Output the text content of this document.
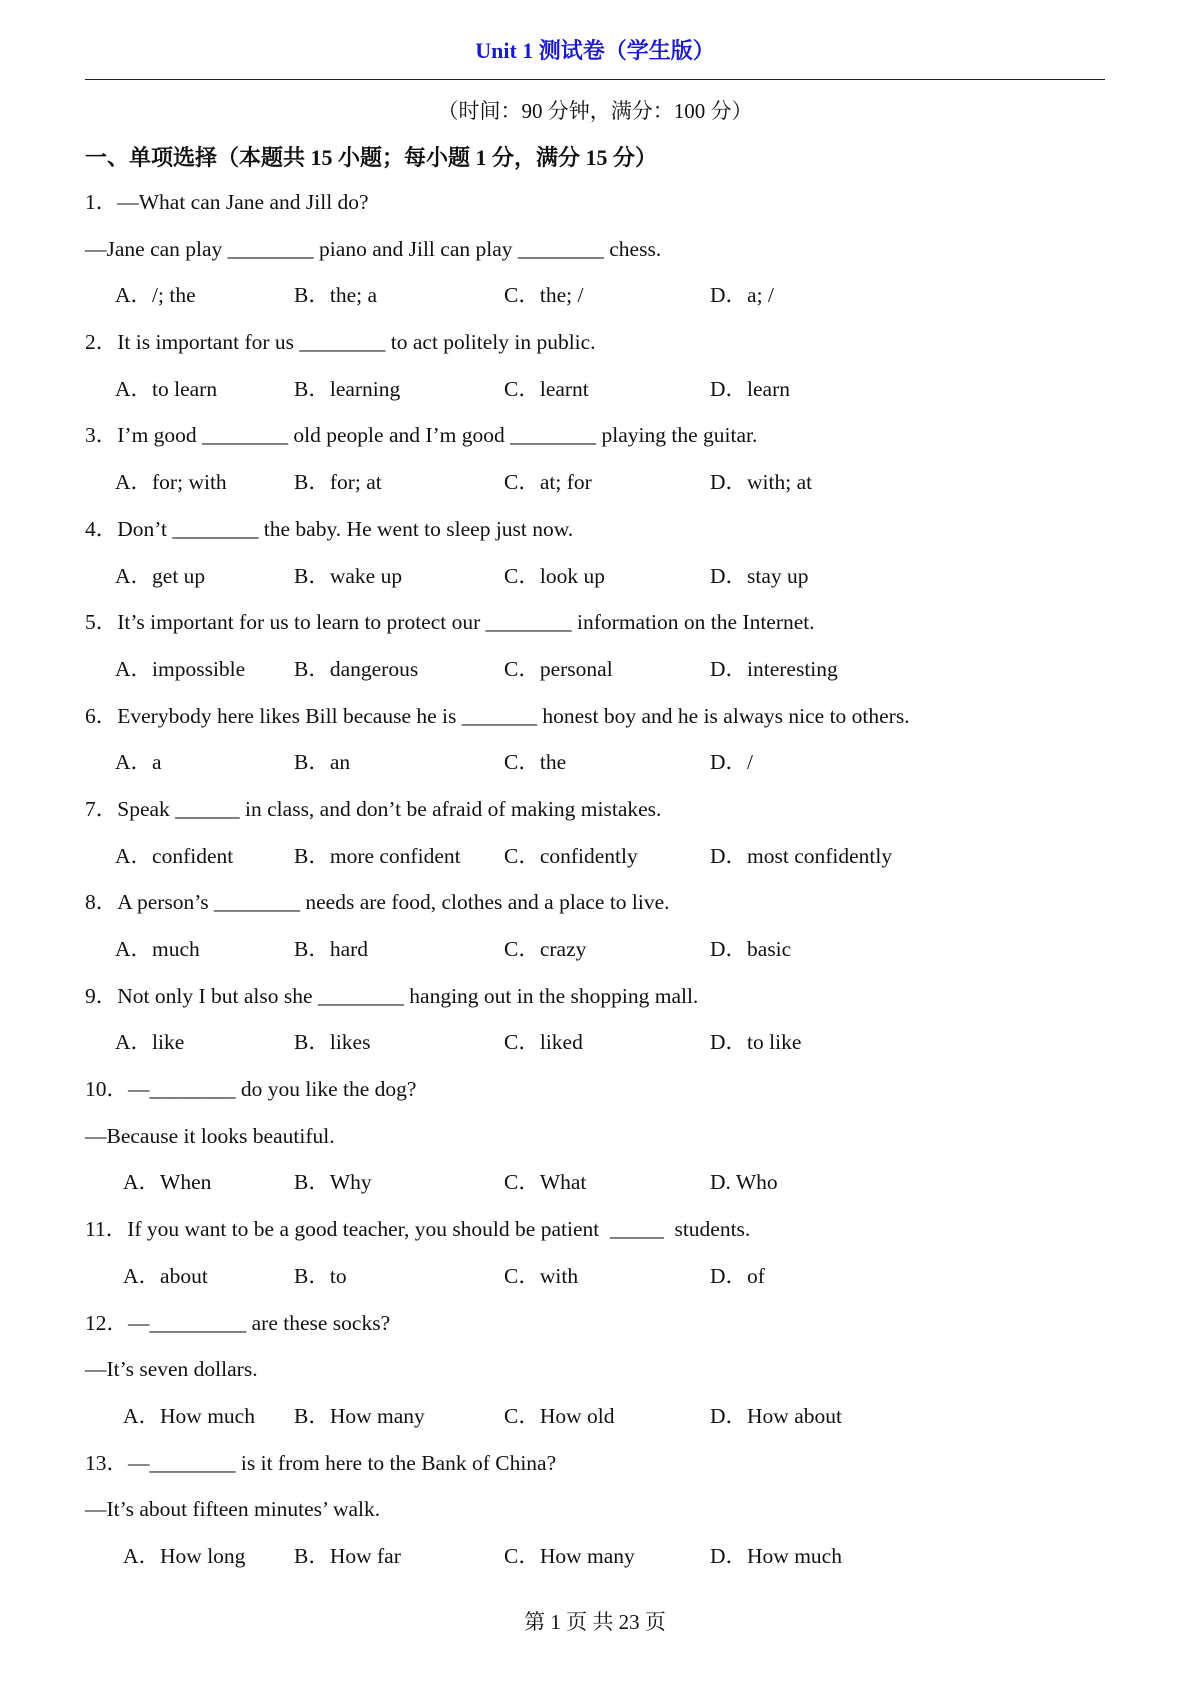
Unit 1 测试卷（学生版）
（时间：90 分钟，满分：100 分）
一、单项选择（本题共 15 小题；每小题 1 分，满分 15 分）
1．—What can Jane and Jill do?
—Jane can play ________ piano and Jill can play ________ chess.
A．/; the	B．the; a	C．the; /	D．a; /
2．It is important for us ________ to act politely in public.
A．to learn	B．learning	C．learnt	D．learn
3．I’m good ________ old people and I’m good ________ playing the guitar.
A．for; with	B．for; at	C．at; for	D．with; at
4．Don’t ________ the baby. He went to sleep just now.
A．get up	B．wake up	C．look up	D．stay up
5．It’s important for us to learn to protect our ________ information on the Internet.
A．impossible B．dangerous	C．personal	D．interesting
6．Everybody here likes Bill because he is _______ honest boy and he is always nice to others.
A．a	B．an	C．the	D．/
7．Speak ______ in class, and don’t be afraid of making mistakes.
A．confident	B．more confident C．confidently	D．most confidently
8．A person’s ________ needs are food, clothes and a place to live.
A．much	B．hard	C．crazy	D．basic
9．Not only I but also she ________ hanging out in the shopping mall.
A．like	B．likes	C．liked	D．to like
10．—________ do you like the dog?
—Because it looks beautiful.
A．When	B．Why	C．What	D. Who
11．If you want to be a good teacher, you should be patient  _____  students.
A．about	B．to	C．with	D．of
12．—_________ are these socks?
—It’s seven dollars.
A．How much B．How many	C．How old	D．How about
13．—________ is it from here to the Bank of China?
—It’s about fifteen minutes’ walk.
A．How long B．How far	C．How many	D．How much
第 1 页 共 23 页
